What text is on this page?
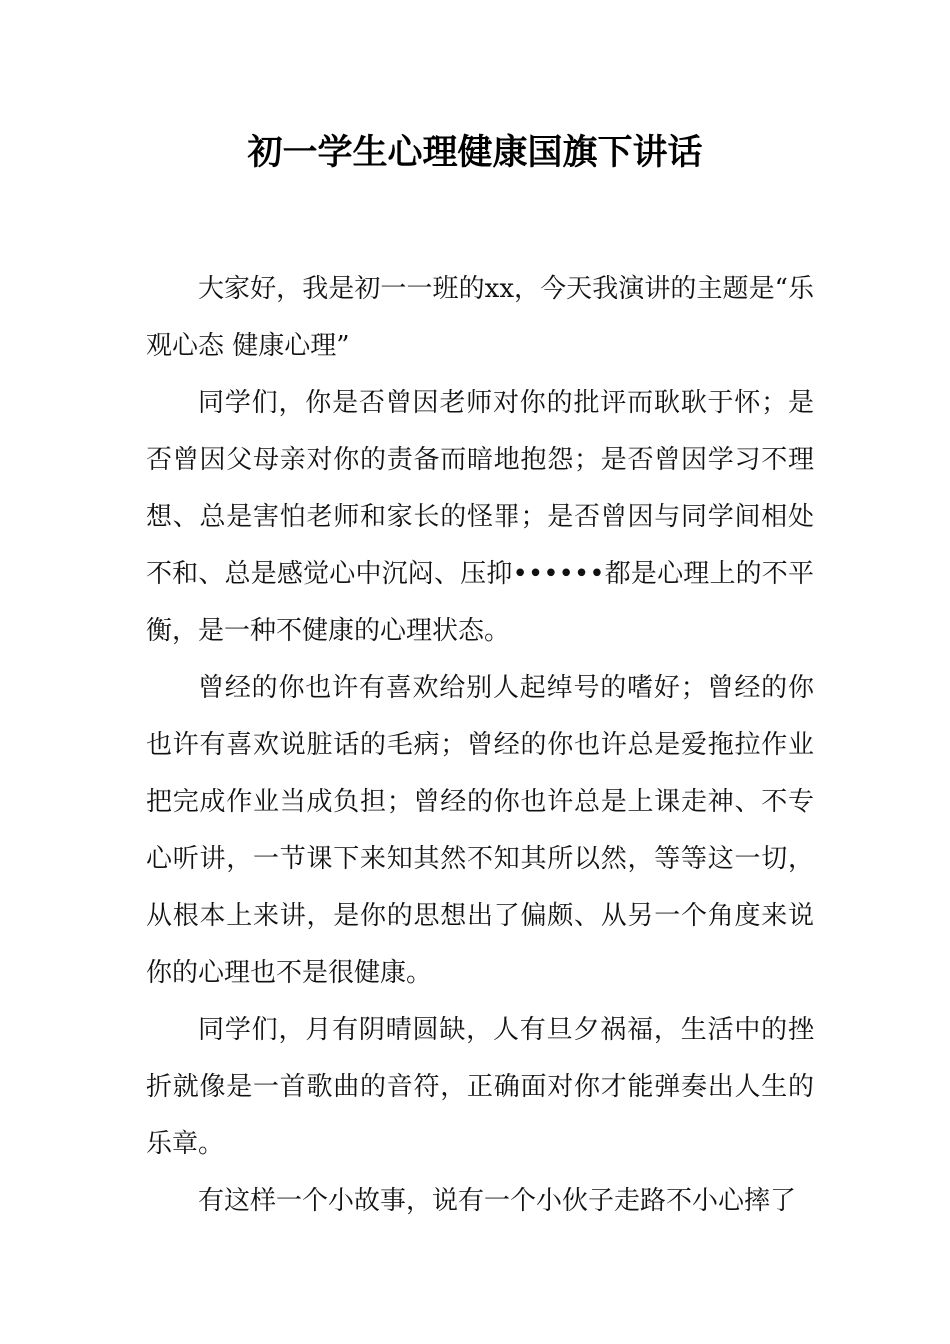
初一学生心理健康国旗下讲话

大家好，我是初一一班的xx，今天我演讲的主题是“乐观心态 健康心理”

同学们，你是否曾因老师对你的批评而耿耿于怀；是否曾因父母亲对你的责备而暗地抱怨；是否曾因学习不理想、总是害怕老师和家长的怪罪；是否曾因与同学间相处不和、总是感觉心中沉闷、压抑••••••都是心理上的不平衡，是一种不健康的心理状态。

曾经的你也许有喜欢给别人起绰号的嗜好；曾经的你也许有喜欢说脏话的毛病；曾经的你也许总是爱拖拉作业把完成作业当成负担；曾经的你也许总是上课走神、不专心听讲，一节课下来知其然不知其所以然，等等这一切，从根本上来讲，是你的思想出了偏颇、从另一个角度来说你的心理也不是很健康。

同学们，月有阴晴圆缺，人有旦夕祸福，生活中的挫折就像是一首歌曲的音符，正确面对你才能弹奏出人生的乐章。

有这样一个小故事，说有一个小伙子走路不小心摔了
